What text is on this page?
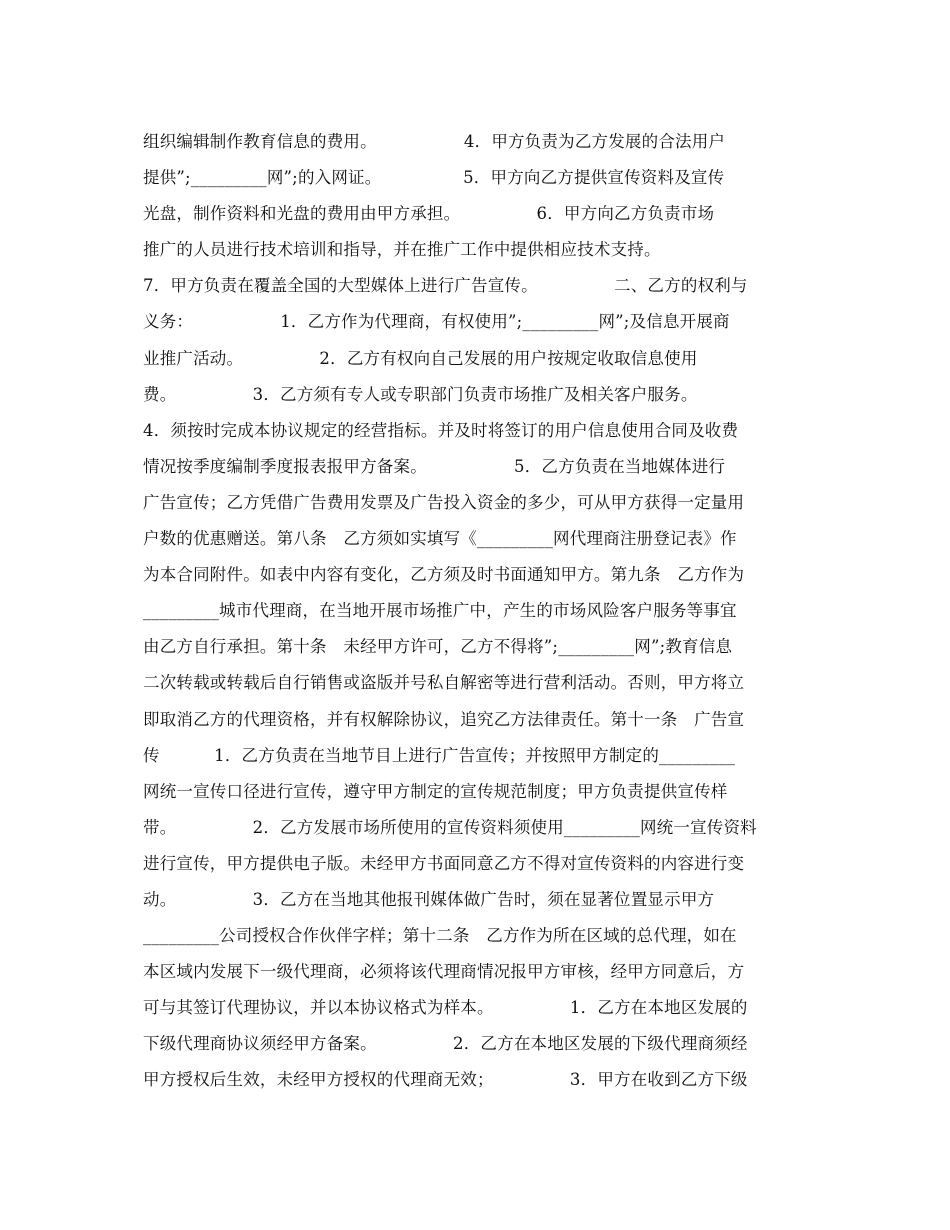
组织编辑制作教育信息的费用。                4．甲方负责为乙方发展的合法用户
提供”;_________网”;的入网证。               5．甲方向乙方提供宣传资料及宣传
光盘，制作资料和光盘的费用由甲方承担。              6．甲方向乙方负责市场
推广的人员进行技术培训和指导，并在推广工作中提供相应技术支持。
7．甲方负责在覆盖全国的大型媒体上进行广告宣传。              二、乙方的权利与
义务：                1．乙方作为代理商，有权使用”;_________网”;及信息开展商
业推广活动。              2．乙方有权向自己发展的用户按规定收取信息使用
费。              3．乙方须有专人或专职部门负责市场推广及相关客户服务。
4．须按时完成本协议规定的经营指标。并及时将签订的用户信息使用合同及收费
情况按季度编制季度报表报甲方备案。                5．乙方负责在当地媒体进行
广告宣传；乙方凭借广告费用发票及广告投入资金的多少，可从甲方获得一定量用
户数的优惠赠送。第八条　乙方须如实填写《_________网代理商注册登记表》作
为本合同附件。如表中内容有变化，乙方须及时书面通知甲方。第九条　乙方作为
_________城市代理商，在当地开展市场推广中，产生的市场风险客户服务等事宜
由乙方自行承担。第十条　未经甲方许可，乙方不得将”;_________网”;教育信息
二次转载或转载后自行销售或盗版并号私自解密等进行营利活动。否则，甲方将立
即取消乙方的代理资格，并有权解除协议，追究乙方法律责任。第十一条　广告宣
传          1．乙方负责在当地节目上进行广告宣传；并按照甲方制定的_________
网统一宣传口径进行宣传，遵守甲方制定的宣传规范制度；甲方负责提供宣传样
带。              2．乙方发展市场所使用的宣传资料须使用_________网统一宣传资料
进行宣传，甲方提供电子版。未经甲方书面同意乙方不得对宣传资料的内容进行变
动。              3．乙方在当地其他报刊媒体做广告时，须在显著位置显示甲方
_________公司授权合作伙伴字样；第十二条　乙方作为所在区域的总代理，如在
本区域内发展下一级代理商，必须将该代理商情况报甲方审核，经甲方同意后，方
可与其签订代理协议，并以本协议格式为样本。              1．乙方在本地区发展的
下级代理商协议须经甲方备案。              2．乙方在本地区发展的下级代理商须经
甲方授权后生效，未经甲方授权的代理商无效；              3．甲方在收到乙方下级
